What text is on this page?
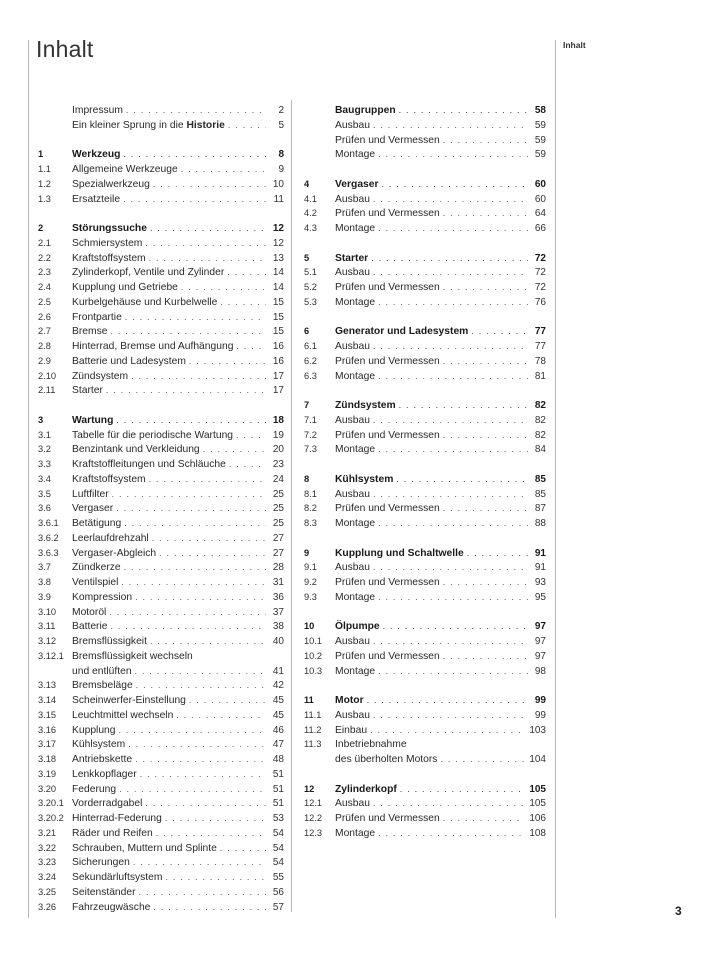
Inhalt	Inhalt
3
Impressum . . .	2
Ein kleiner Sprung in die Historie . . .	5
1	Werkzeug . . .	8
1.1	Allgemeine Werkzeuge . . .	9
1.2	Spezialwerkzeug . . .	10
1.3	Ersatzteile . . .	11
2	Störungssuche . . .	12
2.1	Schmiersystem . . .	12
2.2	Kraftstoffsystem . . .	13
2.3	Zylinderkopf, Ventile und Zylinder . . .	14
2.4	Kupplung und Getriebe . . .	14
2.5	Kurbelgehäuse und Kurbelwelle . . .	15
2.6	Frontpartie . . .	15
2.7	Bremse . . .	15
2.8	Hinterrad, Bremse und Aufhängung . . .	16
2.9	Batterie und Ladesystem . . .	16
2.10	Zündsystem . . .	17
2.11	Starter . . .	17
3	Wartung . . .	18
3.1	Tabelle für die periodische Wartung . . .	19
3.2	Benzintank und Verkleidung . . .	20
3.3	Kraftstoffleitungen und Schläuche . . .	23
3.4	Kraftstoffsystem . . .	24
3.5	Luftfilter . . .	25
3.6	Vergaser . . .	25
3.6.1	Betätigung . . .	25
3.6.2	Leerlaufdrehzahl . . .	27
3.6.3	Vergaser-Abgleich . . .	27
3.7	Zündkerze . . .	28
3.8	Ventilspiel . . .	31
3.9	Kompression . . .	36
3.10	Motoröl . . .	37
3.11	Batterie . . .	38
3.12	Bremsflüssigkeit . . .	40
3.12.1 Bremsflüssigkeit wechseln
und entlüften . . .	41
3.13	Bremsbeläge . . .	42
3.14	Scheinwerfer-Einstellung . . .	45
3.15	Leuchtmittel wechseln . . .	45
3.16	Kupplung . . .	46
3.17	Kühlsystem . . .	47
3.18	Antriebskette . . .	48
3.19	Lenkkopflager . . .	51
3.20	Federung . . .	51
3.20.1 Vorderradgabel . . .	51
3.20.2 Hinterrad-Federung . . .	53
3.21	Räder und Reifen . . .	54
3.22	Schrauben, Muttern und Splinte . . .	54
3.23	Sicherungen . . .	54
3.24	Sekundärluftsystem . . .	55
3.25	Seitenständer . . .	56
3.26	Fahrzeugwäsche . . .	57
Baugruppen . . .	58
Ausbau . . .	59
Prüfen und Vermessen . . .	59
Montage . . .	59
4	Vergaser . . .	60
4.1	Ausbau . . .	60
4.2	Prüfen und Vermessen . . .	64
4.3	Montage . . .	66
5	Starter . . .	72
5.1	Ausbau . . .	72
5.2	Prüfen und Vermessen . . .	72
5.3	Montage . . .	76
6	Generator und Ladesystem . . .	77
6.1	Ausbau . . .	77
6.2	Prüfen und Vermessen . . .	78
6.3	Montage . . .	81
7	Zündsystem . . .	82
7.1	Ausbau . . .	82
7.2	Prüfen und Vermessen . . .	82
7.3	Montage . . .	84
8	Kühlsystem . . .	85
8.1	Ausbau . . .	85
8.2	Prüfen und Vermessen . . .	87
8.3	Montage . . .	88
9	Kupplung und Schaltwelle . . .	91
9.1	Ausbau . . .	91
9.2	Prüfen und Vermessen . . .	93
9.3	Montage . . .	95
10	Ölpumpe . . .	97
10.1	Ausbau . . .	97
10.2	Prüfen und Vermessen . . .	97
10.3	Montage . . .	98
11	Motor . . .	99
11.1	Ausbau . . .	99
11.2	Einbau . . .	103
11.3	Inbetriebnahme
des überholten Motors . . .	104
12	Zylinderkopf . . .	105
12.1	Ausbau . . .	105
12.2	Prüfen und Vermessen . . .	106
12.3	Montage . . .	108
